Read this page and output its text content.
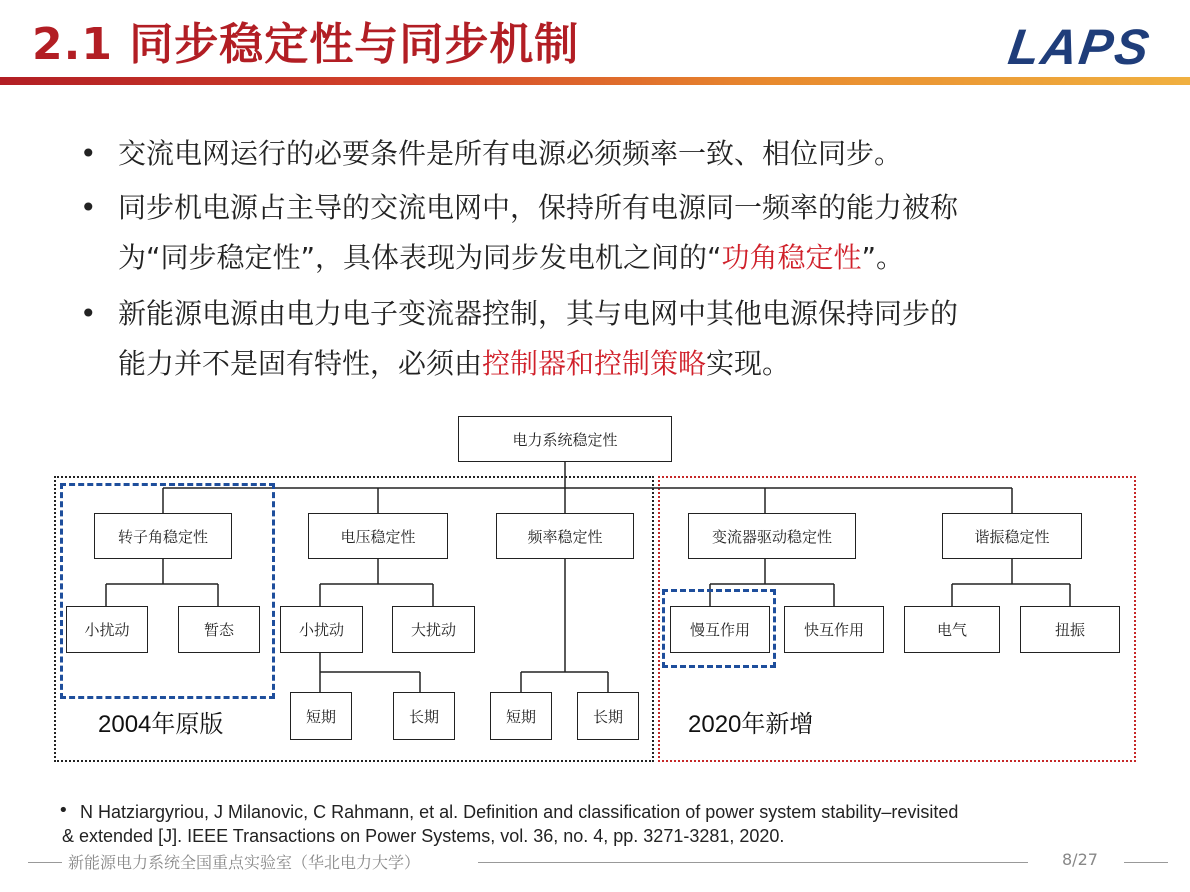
2.1 同步稳定性与同步机制	LAPS
• 交流电网运行的必要条件是所有电源必须频率一致、相位同步。
• 同步机电源占主导的交流电网中，保持所有电源同一频率的能力被称
为“同步稳定性”，具体表现为同步发电机之间的“功角稳定性”。
• 新能源电源由电力电子变流器控制，其与电网中其他电源保持同步的
能力并不是固有特性，必须由控制器和控制策略实现。
电力系统稳定性
转子角稳定性	电压稳定性	频率稳定性	变流器驱动稳定性	谐振稳定性
小扰动	暂态	小扰动	大扰动	慢互作用	快互作用	电气	扭振
短期	长期	短期	长期
2004年原版	2020年新增
• N Hatziargyriou, J Milanovic, C Rahmann, et al. Definition and classification of power system stability–revisited
& extended [J]. IEEE Transactions on Power Systems, vol. 36, no. 4, pp. 3271-3281, 2020.
新能源电力系统全国重点实验室（华北电力大学）	8/27
